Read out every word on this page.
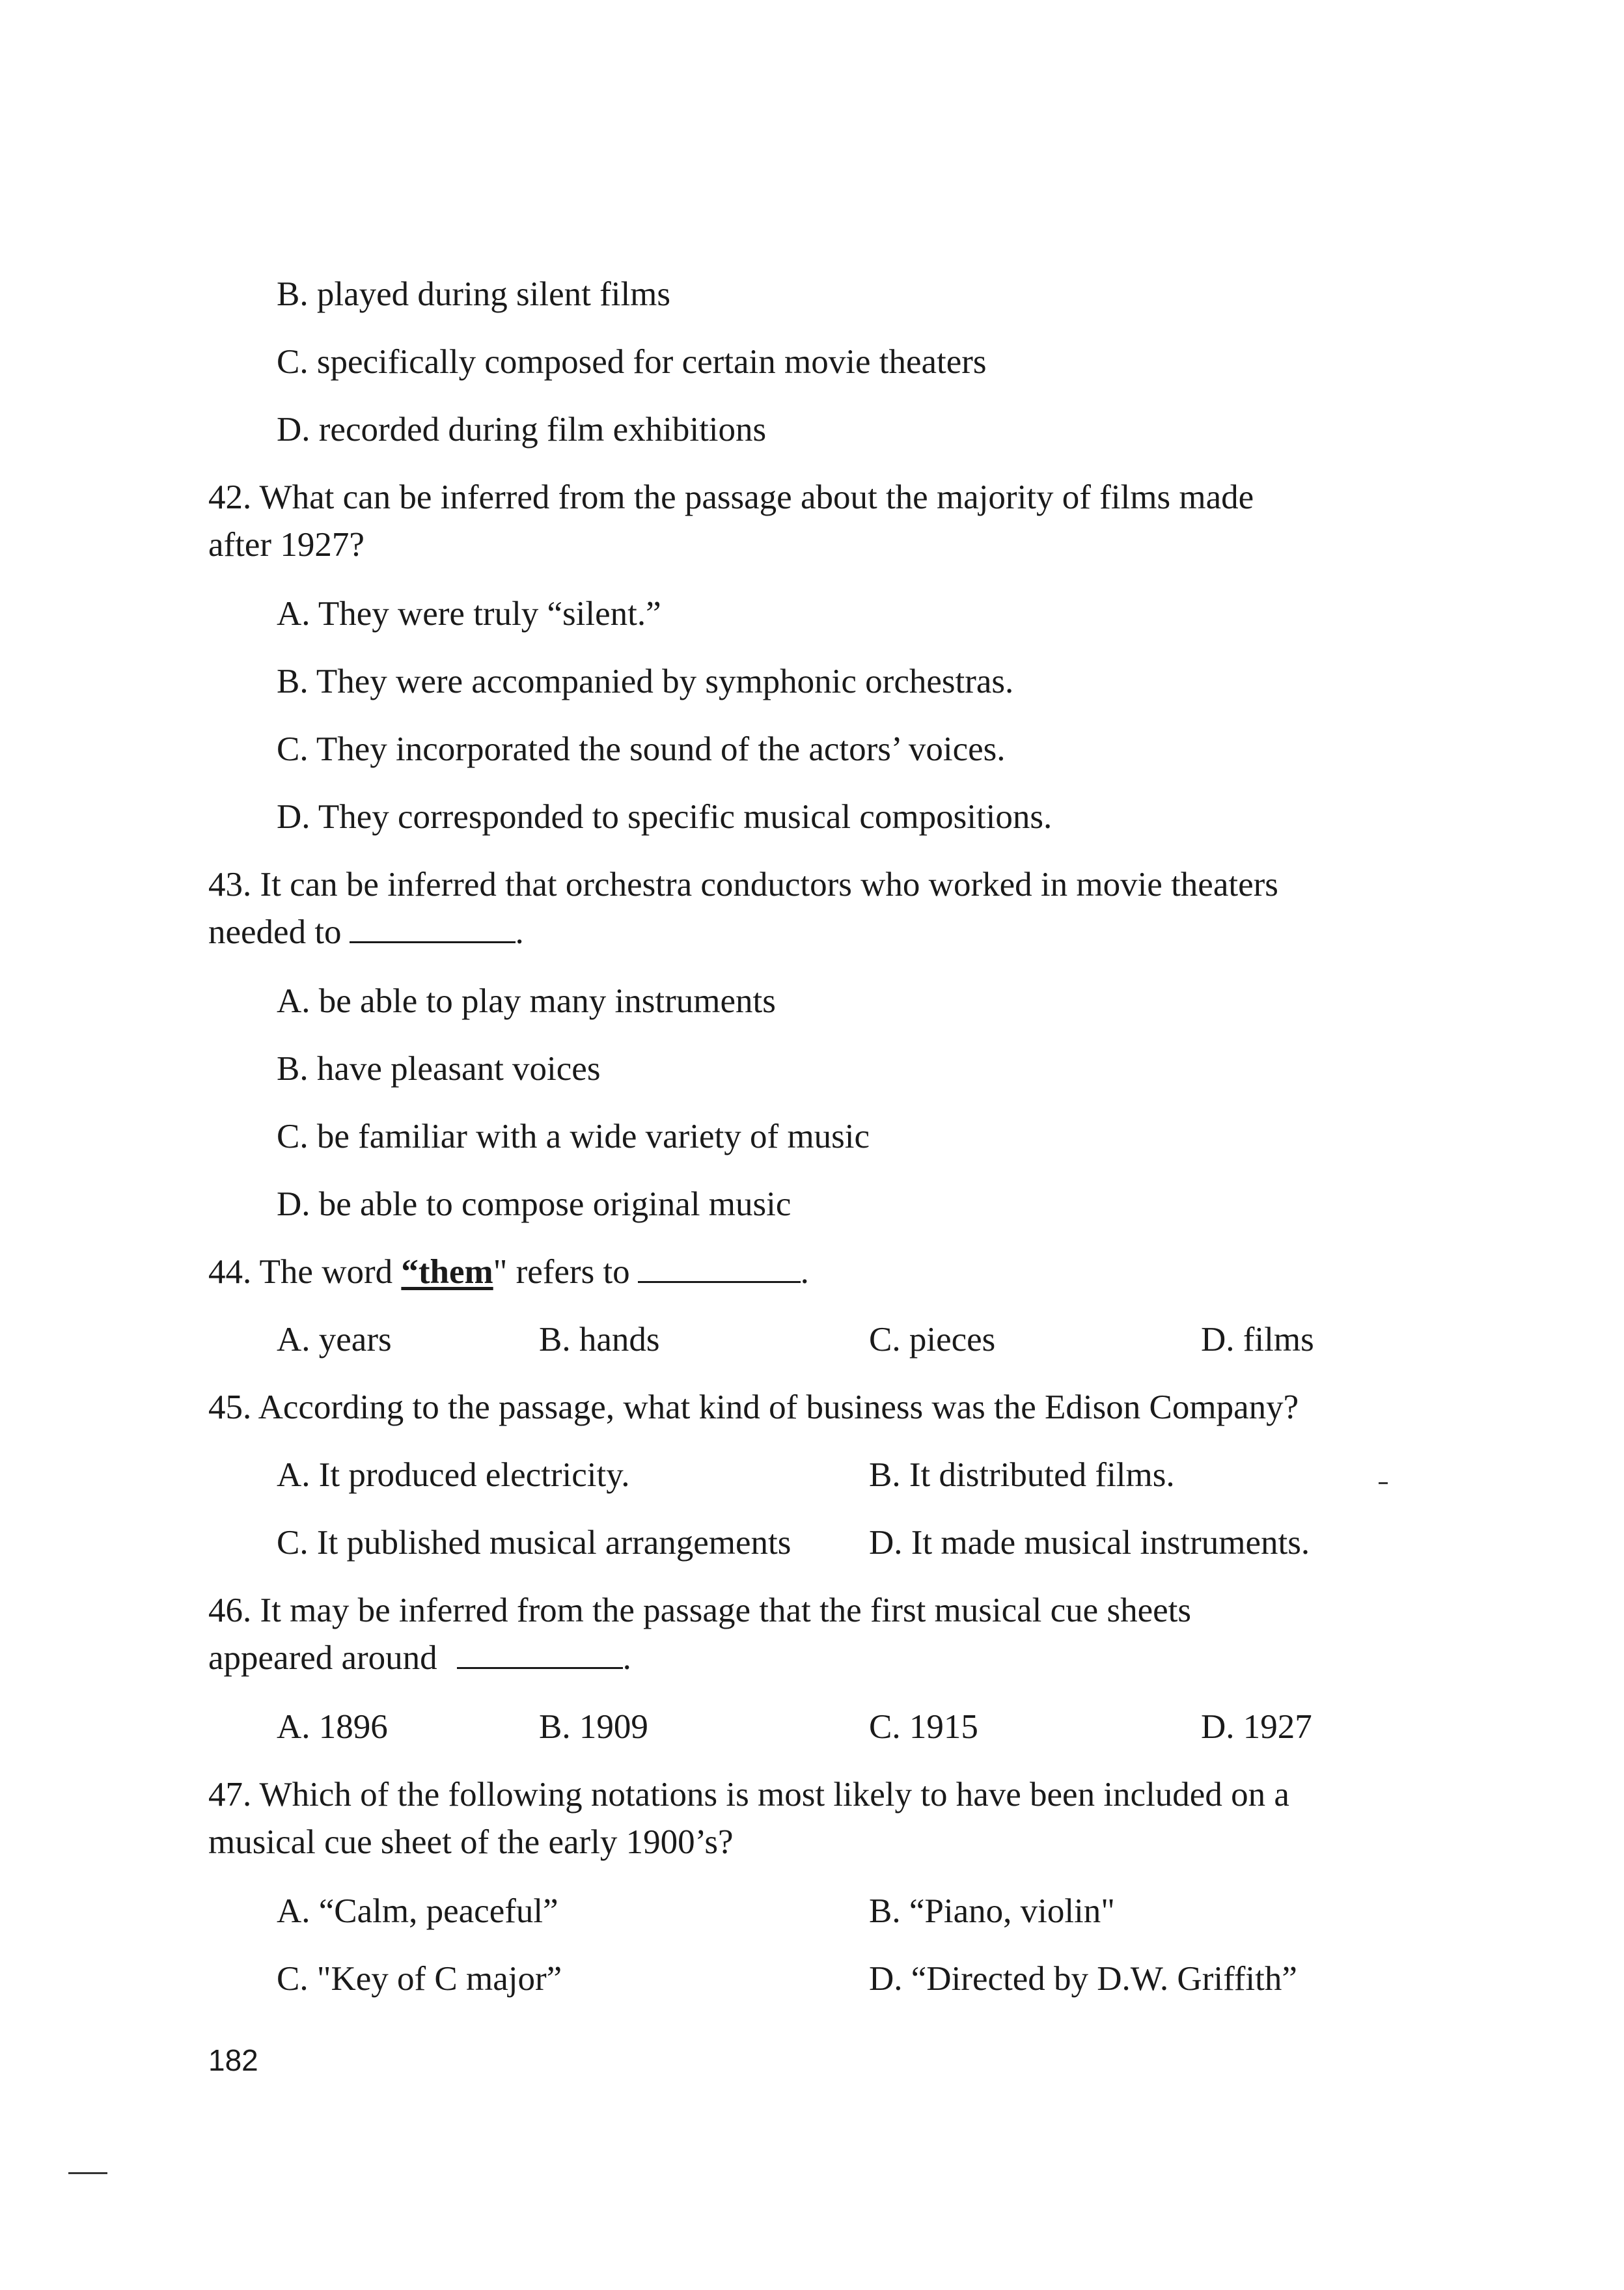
B. played during silent films
C. specifically composed for certain movie theaters
D. recorded during film exhibitions
42. What can be inferred from the passage about the majority of films made
after 1927?
A. They were truly “silent.”
B. They were accompanied by symphonic orchestras.
C. They incorporated the sound of the actors’ voices.
D. They corresponded to specific musical compositions.
43. It can be inferred that orchestra conductors who worked in movie theaters
needed to	.
A. be able to play many instruments
B. have pleasant voices
C. be familiar with a wide variety of music
D. be able to compose original music
44. The word “them" refers to	.
A. years	B. hands	C. pieces	D. films
45. According to the passage, what kind of business was the Edison Company?
A. It produced electricity.	B. It distributed films.
C. It published musical arrangements D. It made musical instruments.
46. It may be inferred from the passage that the first musical cue sheets
appeared around	.
A. 1896	B. 1909	C. 1915	D. 1927
47. Which of the following notations is most likely to have been included on a
musical cue sheet of the early 1900’s?
A. “Calm, peaceful”	B. “Piano, violin"
C. "Key of C major”	D. “Directed by D.W. Griffith”
182
